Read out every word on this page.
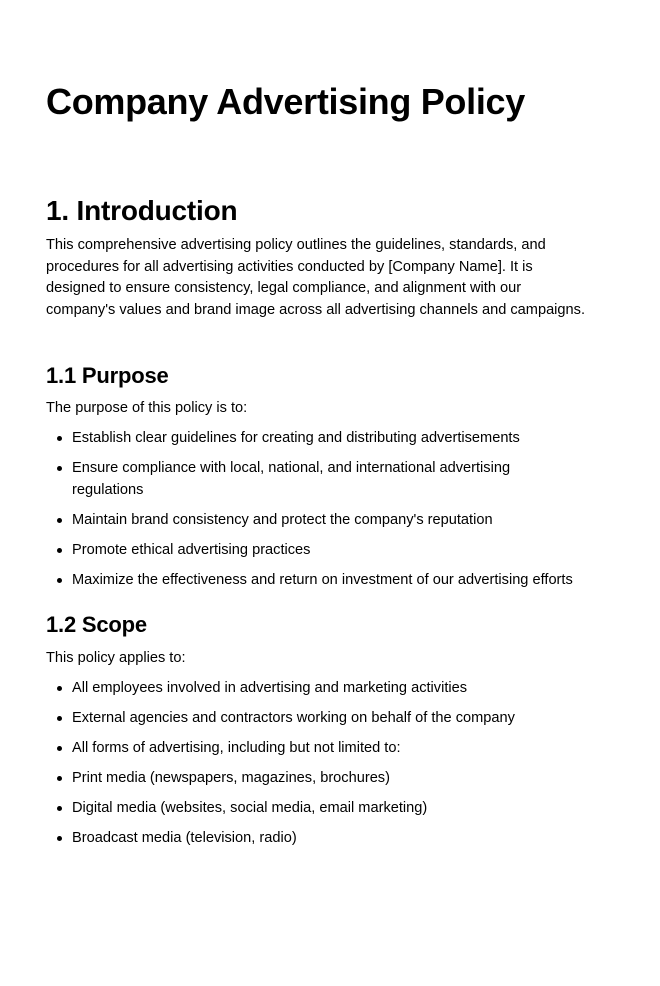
Company Advertising Policy
1. Introduction

This comprehensive advertising policy outlines the guidelines, standards, and procedures for all advertising activities conducted by [Company Name]. It is designed to ensure consistency, legal compliance, and alignment with our company's values and brand image across all advertising channels and campaigns.

1.1 Purpose

The purpose of this policy is to:

Establish clear guidelines for creating and distributing advertisements
Ensure compliance with local, national, and international advertising regulations
Maintain brand consistency and protect the company's reputation
Promote ethical advertising practices
Maximize the effectiveness and return on investment of our advertising efforts
1.2 Scope

This policy applies to:

All employees involved in advertising and marketing activities
External agencies and contractors working on behalf of the company
All forms of advertising, including but not limited to:
Print media (newspapers, magazines, brochures)
Digital media (websites, social media, email marketing)
Broadcast media (television, radio)
